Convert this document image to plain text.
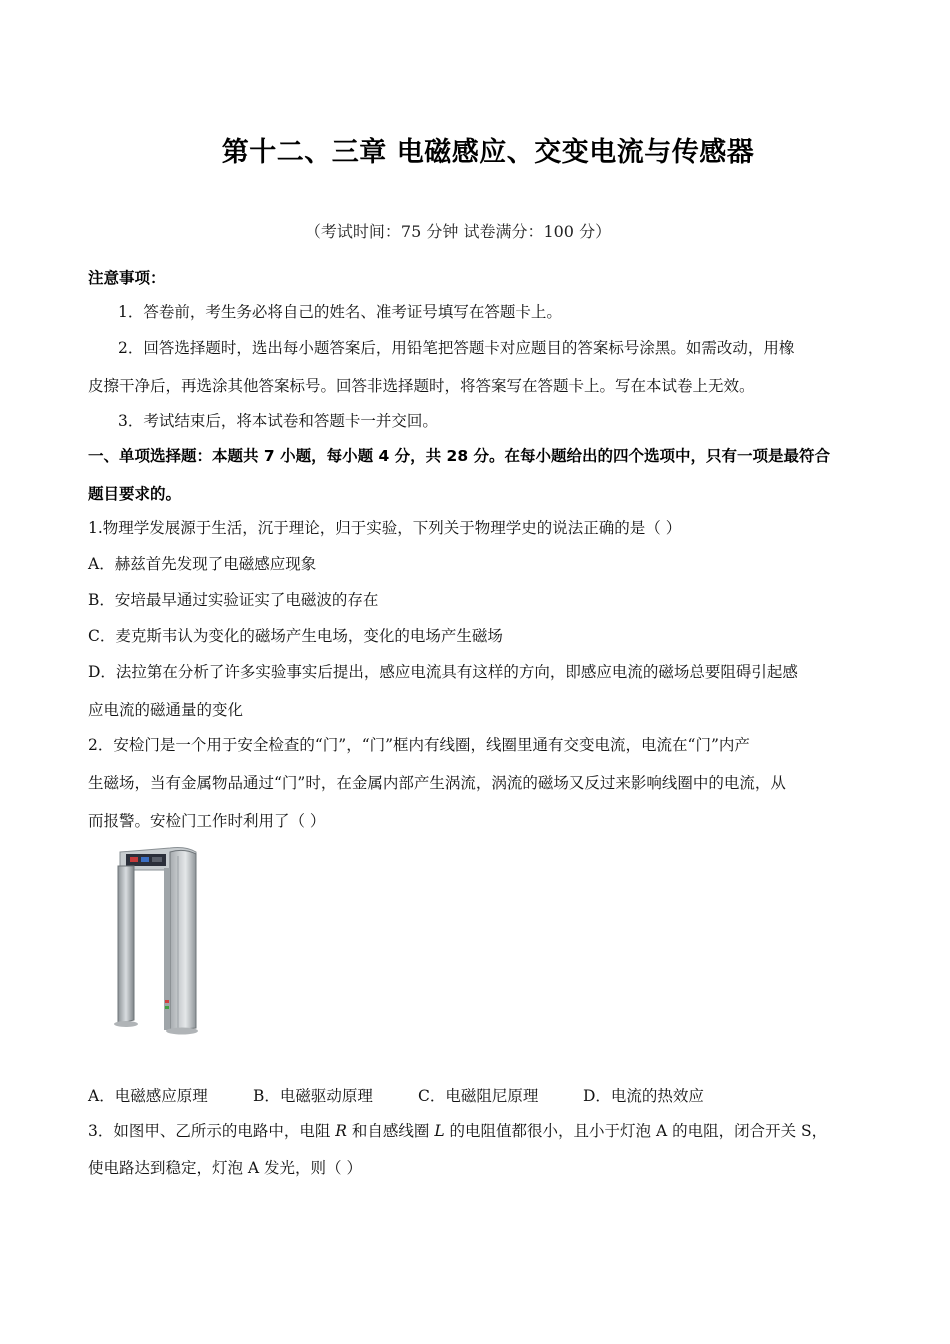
第十二、三章 电磁感应、交变电流与传感器
（考试时间：75 分钟 试卷满分：100 分）
注意事项：
1．答卷前，考生务必将自己的姓名、准考证号填写在答题卡上。
2．回答选择题时，选出每小题答案后，用铅笔把答题卡对应题目的答案标号涂黑。如需改动，用橡
皮擦干净后，再选涂其他答案标号。回答非选择题时，将答案写在答题卡上。写在本试卷上无效。
3．考试结束后，将本试卷和答题卡一并交回。
一、单项选择题：本题共 7 小题，每小题 4 分，共 28 分。在每小题给出的四个选项中，只有一项是最符合
题目要求的。
1.物理学发展源于生活，沉于理论，归于实验，下列关于物理学史的说法正确的是（ ）
A．赫兹首先发现了电磁感应现象
B．安培最早通过实验证实了电磁波的存在
C．麦克斯韦认为变化的磁场产生电场，变化的电场产生磁场
D．法拉第在分析了许多实验事实后提出，感应电流具有这样的方向，即感应电流的磁场总要阻碍引起感
应电流的磁通量的变化
2．安检门是一个用于安全检查的“门”，“门”框内有线圈，线圈里通有交变电流，电流在“门”内产
生磁场，当有金属物品通过“门”时，在金属内部产生涡流，涡流的磁场又反过来影响线圈中的电流，从
而报警。安检门工作时利用了（ ）
A．电磁感应原理	B．电磁驱动原理	C．电磁阻尼原理	D．电流的热效应
3．如图甲、乙所示的电路中，电阻 R 和自感线圈 L 的电阻值都很小，且小于灯泡 A 的电阻，闭合开关 S，
使电路达到稳定，灯泡 A 发光，则（ ）
